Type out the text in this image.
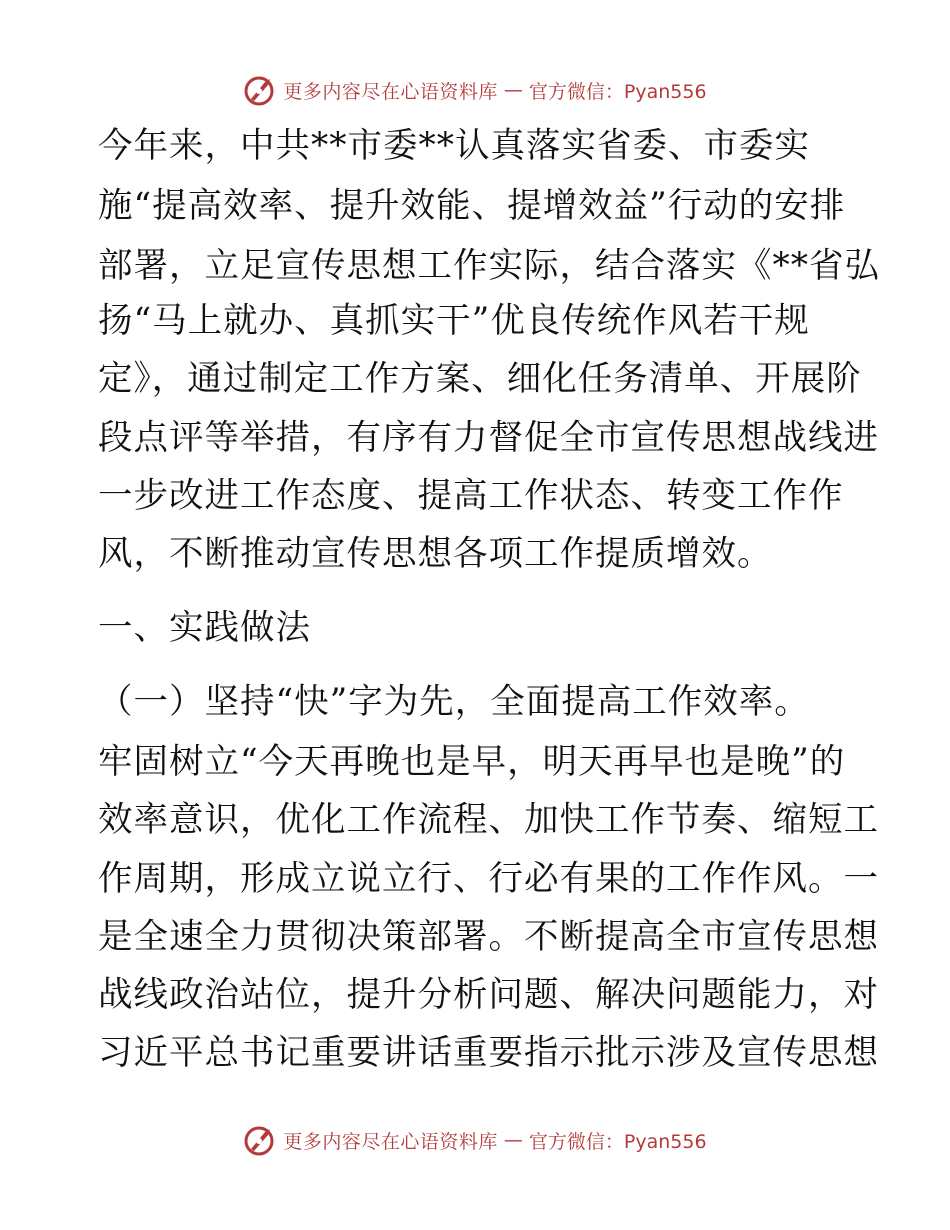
更多内容尽在心语资料库 — 官方微信：Pyan556
今年来，中共**市委**认真落实省委、市委实
施“提高效率、提升效能、提增效益”行动的安排
部署，立足宣传思想工作实际，结合落实《**省弘
扬“马上就办、真抓实干”优良传统作风若干规
定》，通过制定工作方案、细化任务清单、开展阶
段点评等举措，有序有力督促全市宣传思想战线进
一步改进工作态度、提高工作状态、转变工作作
风，不断推动宣传思想各项工作提质增效。
一、实践做法
（一）坚持“快”字为先，全面提高工作效率。
牢固树立“今天再晚也是早，明天再早也是晚”的
效率意识，优化工作流程、加快工作节奏、缩短工
作周期，形成立说立行、行必有果的工作作风。一
是全速全力贯彻决策部署。不断提高全市宣传思想
战线政治站位，提升分析问题、解决问题能力，对
习近平总书记重要讲话重要指示批示涉及宣传思想
更多内容尽在心语资料库 — 官方微信：Pyan556
